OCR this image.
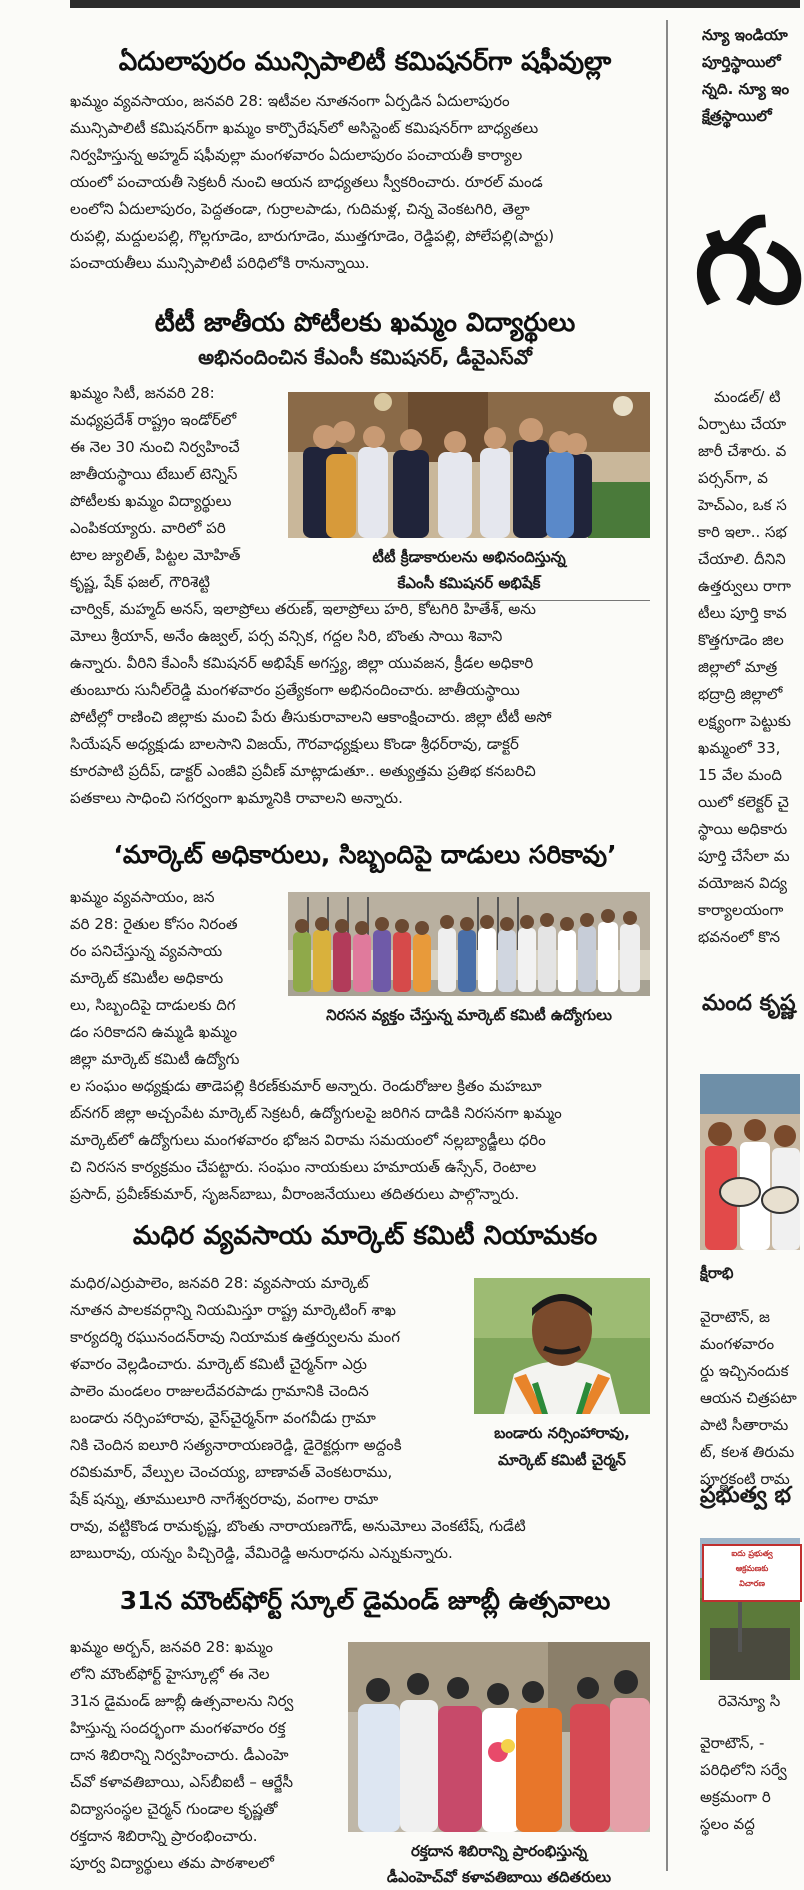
ఏదులాపురం మున్సిపాలిటీ కమిషనర్‌గా షఫీవుల్లా

ఖమ్మం వ్యవసాయం, జనవరి 28: ఇటీవల నూతనంగా ఏర్పడిన ఏదులాపురం

మున్సిపాలిటీ కమిషనర్‌గా ఖమ్మం కార్పొరేషన్‌లో అసిస్టెంట్ కమిషనర్‌గా బాధ్యతలు

నిర్వహిస్తున్న అహ్మద్ షఫీవుల్లా మంగళవారం ఏదులాపురం పంచాయతీ కార్యాల

యంలో పంచాయతీ సెక్రటరీ నుంచి ఆయన బాధ్యతలు స్వీకరించారు. రూరల్ మండ

లంలోని ఏదులాపురం, పెద్దతండా, గుర్రాలపాడు, గుదిమళ్ల, చిన్న వెంకటగిరి, తెల్దా

రుపల్లి, మద్దులపల్లి, గొల్లగూడెం, బారుగూడెం, ముత్తగూడెం, రెడ్డిపల్లి, పోలేపల్లి(పార్టు)

పంచాయతీలు మున్సిపాలిటీ పరిధిలోకి రానున్నాయి.

టీటీ జాతీయ పోటీలకు ఖమ్మం విద్యార్థులు

అభినందించిన కేఎంసీ కమిషనర్, డీవైఎస్‌వో

ఖమ్మం సిటీ, జనవరి 28:

మధ్యప్రదేశ్ రాష్ట్రం ఇండోర్‌లో

ఈ నెల 30 నుంచి నిర్వహించే

జాతీయస్థాయి టేబుల్ టెన్నిస్

పోటీలకు ఖమ్మం విద్యార్థులు

ఎంపికయ్యారు. వారిలో పరి

టాల జ్యులిత్, పిట్టల మోహిత్

కృష్ణ, షేక్ ఫజల్, గౌరిశెట్టి

టీటీ క్రీడాకారులను అభినందిస్తున్న
కేఎంసీ కమిషనర్ అభిషేక్

చార్విక్, మహ్మద్ అనస్, ఇలాప్రోలు తరుణ్, ఇలాప్రోలు హరి, కోటగిరి హితేశ్, అను

మోలు శ్రీయాన్, అనేం ఉజ్వల్, పర్స వన్సిక, గద్దల సిరి, బొంతు సాయి శివాని

ఉన్నారు. వీరిని కేఎంసీ కమిషనర్ అభిషేక్ అగస్త్య, జిల్లా యువజన, క్రీడల అధికారి

తుంబూరు సునీల్‌రెడ్డి మంగళవారం ప్రత్యేకంగా అభినందించారు. జాతీయస్థాయి

పోటీల్లో రాణించి జిల్లాకు మంచి పేరు తీసుకురావాలని ఆకాంక్షించారు. జిల్లా టీటీ అసో

సియేషన్ అధ్యక్షుడు బాలసాని విజయ్, గౌరవాధ్యక్షులు కొండా శ్రీధర్‌రావు, డాక్టర్

కూరపాటి ప్రదీప్, డాక్టర్ ఎంజీవి ప్రవీణ్ మాట్లాడుతూ.. అత్యుత్తమ ప్రతిభ కనబరిచి

పతకాలు సాధించి సగర్వంగా ఖమ్మానికి రావాలని అన్నారు.

‘మార్కెట్ అధికారులు, సిబ్బందిపై దాడులు సరికావు’

ఖమ్మం వ్యవసాయం, జన

వరి 28: రైతుల కోసం నిరంత

రం పనిచేస్తున్న వ్యవసాయ

మార్కెట్ కమిటీల అధికారు

లు, సిబ్బందిపై దాడులకు దిగ

డం సరికాదని ఉమ్మడి ఖమ్మం

జిల్లా మార్కెట్ కమిటీ ఉద్యోగు

నిరసన వ్యక్తం చేస్తున్న మార్కెట్ కమిటీ ఉద్యోగులు

ల సంఘం అధ్యక్షుడు తాడెపల్లి కిరణ్‌కుమార్ అన్నారు. రెండురోజుల క్రితం మహబూ

బ్‌నగర్ జిల్లా అచ్చంపేట మార్కెట్ సెక్రటరీ, ఉద్యోగులపై జరిగిన దాడికి నిరసనగా ఖమ్మం

మార్కెట్‌లో ఉద్యోగులు మంగళవారం భోజన విరామ సమయంలో నల్లబ్యాడ్జీలు ధరిం

చి నిరసన కార్యక్రమం చేపట్టారు. సంఘం నాయకులు హమాయత్ ఉస్సేన్, రెంటాల

ప్రసాద్, ప్రవీణ్‌కుమార్, సృజన్‌బాబు, వీరాంజనేయులు తదితరులు పాల్గొన్నారు.

మధిర వ్యవసాయ మార్కెట్ కమిటీ నియామకం

మధిర/ఎర్రుపాలెం, జనవరి 28: వ్యవసాయ మార్కెట్

నూతన పాలకవర్గాన్ని నియమిస్తూ రాష్ట్ర మార్కెటింగ్ శాఖ

కార్యదర్శి రఘునందన్‌రావు నియామక ఉత్తర్వులను మంగ

ళవారం వెల్లడించారు. మార్కెట్ కమిటీ చైర్మన్‌గా ఎర్రు

పాలెం మండలం రాజులదేవరపాడు గ్రామానికి చెందిన

బండారు నర్సింహారావు, వైస్‌చైర్మన్‌గా వంగవీడు గ్రామా

నికి చెందిన ఐలూరి సత్యనారాయణరెడ్డి, డైరెక్టర్లుగా అద్దంకి

రవికుమార్, వేల్పుల చెంచయ్య, బాణావత్ వెంకటరాము,

బండారు నర్సింహారావు,
మార్కెట్ కమిటీ చైర్మన్

షేక్ షన్ను, తూములూరి నాగేశ్వరరావు, వంగాల రామా

రావు, వట్టికొండ రామకృష్ణ, బొంతు నారాయణగౌడ్, అనుమోలు వెంకటేష్, గుడేటి

బాబురావు, యన్నం పిచ్చిరెడ్డి, వేమిరెడ్డి అనురాధను ఎన్నుకున్నారు.

31న మౌంట్‌ఫోర్ట్ స్కూల్ డైమండ్ జూబ్లీ ఉత్సవాలు

ఖమ్మం అర్బన్, జనవరి 28: ఖమ్మం

లోని మౌంట్‌ఫోర్ట్ హైస్కూల్లో ఈ నెల

31న డైమండ్ జూబ్లీ ఉత్సవాలను నిర్వ

హిస్తున్న సందర్భంగా మంగళవారం రక్త

దాన శిబిరాన్ని నిర్వహించారు. డీఎంహె

చ్‌వో కళావతిబాయి, ఎస్‌బీఐటీ – ఆర్జేసీ

విద్యాసంస్థల చైర్మన్ గుండాల కృష్ణతో

రక్తదాన శిబిరాన్ని ప్రారంభించారు.

పూర్వ విద్యార్థులు తమ పాఠశాలలో

రక్తదాన శిబిరాన్ని ప్రారంభిస్తున్న
డీఎంహెచ్‌వో కళావతిబాయి తదితరులు

న్యూ ఇండియా

పూర్తిస్థాయిలో

న్నది. న్యూ ఇం

క్షేత్రస్థాయిలో

గు

మండల్/ టి

ఏర్పాటు చేయా

జారీ చేశారు. వ

పర్సన్‌గా, వ

హెచ్‌ఎం, ఒక స

కారి ఇలా.. సభ

చేయాలి. దీనిని

ఉత్తర్వులు రాగా

టీలు పూర్తి కావ

కొత్తగూడెం జిల

జిల్లాలో మాత్ర

భద్రాద్రి జిల్లాలో

లక్ష్యంగా పెట్టుకు

ఖమ్మంలో 33,

15 వేల మంది

యిలో కలెక్టర్ చై

స్థాయి అధికారు

పూర్తి చేసేలా మ

వయోజన విద్య

కార్యాలయంగా

భవనంలో కొన

మంద కృష్ణ
క్షీరాభి

వైరాటౌన్, జ

మంగళవారం

ర్డు ఇచ్చినందుక

ఆయన చిత్రపటా

పాటి సీతారామ

ట్, కలశ తిరుమ

పూర్ణకంటి రామ

ప్రభుత్వ భ
ఐదు ప్రభుత్వ
ఆక్రమణకు
విచారణ
రెవెన్యూ సి

వైరాటౌన్, -

పరిధిలోని సర్వే

అక్రమంగా రి

స్థలం వద్ద
